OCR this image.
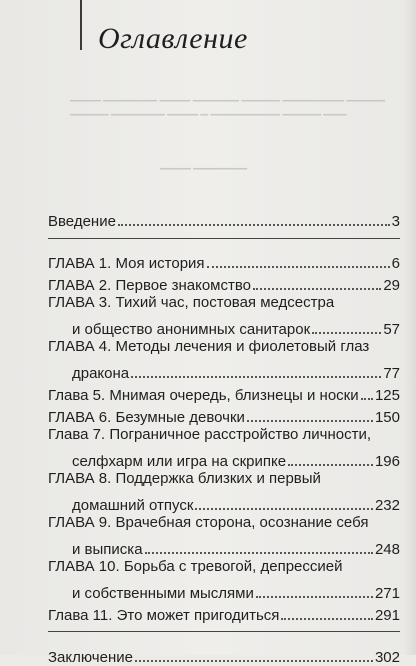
▁▁▁▁ ▁▁▁▁▁▁▁ ▁▁▁▁ ▁▁▁▁▁▁ ▁▁▁▁▁ ▁▁▁▁▁▁▁▁ ▁▁▁▁▁
▁▁▁▁▁ ▁▁▁▁▁▁▁ ▁▁▁▁ ▁ ▁▁▁▁▁▁▁▁▁ ▁▁▁▁▁ ▁▁▁
▁▁▁▁ ▁▁▁▁▁▁▁
Оглавление
Введение	3
ГЛАВА 1. Моя история	6
ГЛАВА 2. Первое знакомство	29
ГЛАВА 3. Тихий час, постовая медсестра
и общество анонимных санитарок	57
ГЛАВА 4. Методы лечения и фиолетовый глаз
дракона	77
Глава 5. Мнимая очередь, близнецы и носки 125
ГЛАВА 6. Безумные девочки	150
Глава 7. Пограничное расстройство личности,
селфхарм или игра на скрипке	196
ГЛАВА 8. Поддержка близких и первый
домашний отпуск	232
ГЛАВА 9. Врачебная сторона, осознание себя
и выписка	248
ГЛАВА 10. Борьба с тревогой, депрессией
и собственными мыслями	271
Глава 11. Это может пригодиться	291
Заключение	302
